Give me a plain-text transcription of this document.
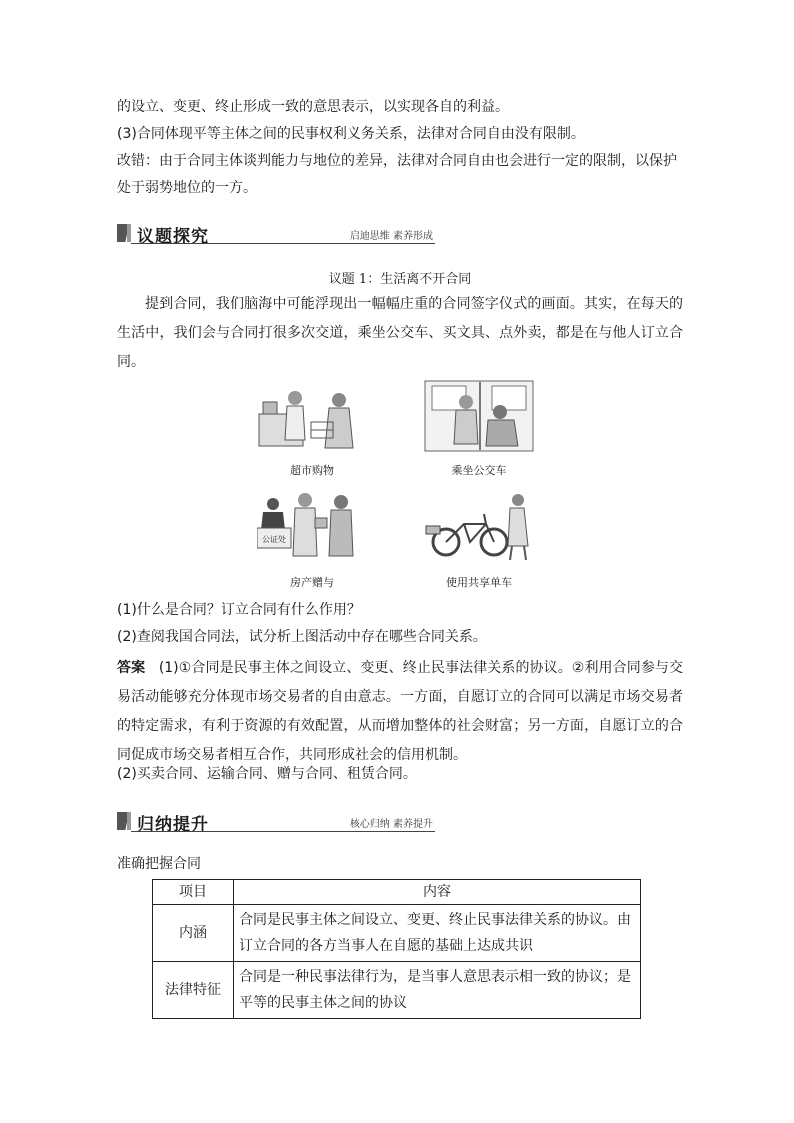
的设立、变更、终止形成一致的意思表示，以实现各自的利益。
(3)合同体现平等主体之间的民事权利义务关系，法律对合同自由没有限制。
改错：由于合同主体谈判能力与地位的差异，法律对合同自由也会进行一定的限制，以保护
处于弱势地位的一方。
议题探究	启迪思维 素养形成
议题 1：生活离不开合同
提到合同，我们脑海中可能浮现出一幅幅庄重的合同签字仪式的画面。其实，在每天的生活中，我们会与合同打很多次交道，乘坐公交车、买文具、点外卖，都是在与他人订立合同。
超市购物	乘坐公交车
公证处
房产赠与	使用共享单车
(1)什么是合同？订立合同有什么作用？
(2)查阅我国合同法，试分析上图活动中存在哪些合同关系。
答案 (1)①合同是民事主体之间设立、变更、终止民事法律关系的协议。②利用合同参与交易活动能够充分体现市场交易者的自由意志。一方面，自愿订立的合同可以满足市场交易者的特定需求，有利于资源的有效配置，从而增加整体的社会财富；另一方面，自愿订立的合同促成市场交易者相互合作，共同形成社会的信用机制。
(2)买卖合同、运输合同、赠与合同、租赁合同。
归纳提升	核心归纳 素养提升
准确把握合同
项目	内容
内涵	合同是民事主体之间设立、变更、终止民事法律关系的协议。由订立合同的各方当事人在自愿的基础上达成共识
法律特征	合同是一种民事法律行为，是当事人意思表示相一致的协议；是平等的民事主体之间的协议
